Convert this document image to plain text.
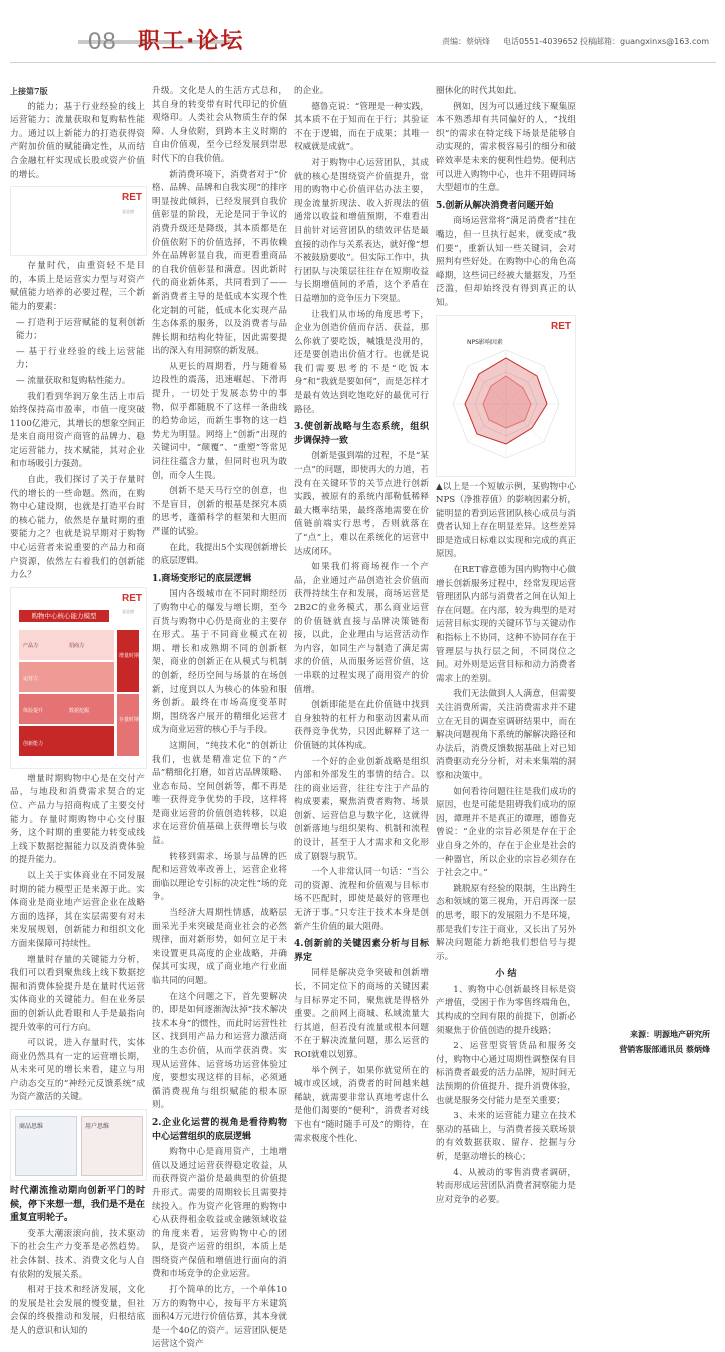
08 职工·论坛	责编：蔡炳烽 电话0551-4039652 投稿邮箱：guangxinxs@163.com

上接第7版

的能力；基于行业经验的线上运营能力；流量获取和复购粘性能力。通过以上新能力的打造获得资产附加价值的赋能确定性，从而结合金融杠杆实现成长股或资产价值的增长。

RET
睿意德

存量时代，由重资轻不是目的，本质上是运营实力型与对资产赋值能力培养的必要过程，三个新能力的要素：

— 打造利于运营赋能的复利创新能力；

— 基于行业经验的线上运营能力；

— 流量获取和复购粘性能力。

我们看到华润万象生活上市后始终保持高市盈率，市值一度突破1100亿港元，其增长的想象空间正是来自商用资产商管的品牌力、稳定运营能力，技术赋能，其对企业和市场吸引力强劲。

自此，我们探讨了关于存量时代的增长的一些命题。然而，在购物中心建设期，也就是打造平台时的核心能力，依然是存量时期的重要能力之？也就是说早期对于购物中心运营者来说重要的产品力和商户资源，依然左右着我们的创新能力么？

RET
睿意德
购物中心核心能力模型
增量时期
存量时期
产品力	招商力
运营力
数据挖掘
体验提升
创新能力

增量时期购物中心是在交付产品，与地段和消费需求契合的定位、产品力与招商构成了主要交付能力。存量时期购物中心交付服务，这个时期的重要能力转变成线上线下数据挖掘能力以及消费体验的提升能力。

以上关于实体商业在不同发展时期的能力模型正是来源于此。实体商业是商业地产运营企业在战略方面的选择，其在实层需要有对未来发展规划，创新能力和组织文化方面来保障可持续性。

增量时存量的关键能力分析，我们可以看到聚焦线上线下数据挖掘和消费体验提升是在量时代运营实体商业的关键能力。但在业务层面的创新认此看眼和人手是最指向提升效率的可行方向。

可以说，进入存量时代，实体商业仍然具有一定的运营增长期，从未来可见的增长来看，建立与用户动态交互的“神经元反馈系统”成为资产激活的关键。

商品思维	用户思维

时代潮流推动期向创新平门的时候，停下来想一想，我们是不是在重复宣明轮子。

变革大潮滚滚向前，技术驱动下的社会生产力变革是必然趋势。社会体制、技术、消费文化与人自有依附的发展关系。

相对于技术和经济发展，文化的发展是社会发展的慢变量，但社会保的终极推动和发展，归根结底是人的意识和认知的

升级。文化是人的生活方式总和，其自身的转变带有时代印记的价值观烙印。人类社会从物质生存的保障、人身依附，到跨本主义时期的自由价值观，至今已经发展到崇思时代下的自我价值。

新消费环境下，消费者对于“价格、品牌、品牌和自我实现”的排序明显按此倾斜，已经发展到自我价值彰显的阶段，无论是同于争议的消费升级还是降级，其本质都是在价值依附下的价值选择，不再依赖外在品牌彰显自我，而更看重商品的自我价值彰显和满意。因此新时代的商业新体系，共同看到了——新消费者主导的是低成本实现个性化定制的可能，低成本化实现产品生态体系的服务，以及消费者与品牌长期和结构化特征，因此需要提出的深入有用洞察的新发展。

从更长的周期看，丹与随着易边段性的震荡，迅速崛起、下滑再提升，一切处于发展态势中的事物，似乎都随脱不了这样一条曲线的趋势命运，而新生事物的这一趋势尤为明显。网络上“创新”出现的关键词中，“颠覆”、“重塑”等常见词往往蕴含力量，但同时也巩为敢创，而令人生畏。

创新不是天马行空的创意，也不是盲目，创新的根基是探究本质的思考，蓬循科学的框架和大胆而严谨的试验。

在此，我提出5个实现创新增长的底层逻辑。

1.商场变形记的底层逻辑

国内各级城市在不同时期经历了购物中心的爆发与增长期，至今百货与购物中心仍是商业的主要存在形式。基于不同商业模式在初期、增长和成熟期不同的创新框架，商业的创新正在从模式与机制的创新，经历空间与场景的在场创新，过度到以人为核心的体验和服务创新。最终在市场高度变革时期，围绕客户展开的精细化运营才成为商业运营的核心手与手段。

这期间，“纯技术化”的创新让我们，也就是精准定位下的“产品”精细化打磨，如首店品牌策略、业态布局、空间创新等，都不再是唯一获得竞争优势的手段，这样将是商业运营的价值创造转移，以追求在运营价值基础上获得增长与收益。

转移到需求、场景与品牌的匹配和运营效率改善上，运营企业将面临以理论专引标的决定性“场的竞争。

当经济大周期性情感，战略层面采光手来突破是商业社会的必然规律，面对新形势，如何立足于未来设置更具高度的企业战略，并确保其可实现，成了商业地产行业面临共同的问题。

在这个问题之下，首先要解决的，即是如何逐渐淘汰掉“技术解决技术本身”的惯性，而此时运营性社区、找到用产品力和运营力激活商业的生态价值，从而学获消费。实现从运营体、运营场功运营体验过度，要想实现这样的目标，必须通循消费视角与组织赋能的根本原则。

2.企业化运营的视角是看待购物中心运营组织的底层逻辑

购物中心是商用资产，土地增值以及通过运营获得稳定收益，从而获得资产溢价是最典型的价值提升形式。需要的周期较长且需要持续投入。作为资产化管理的购物中心从获得租金收益或金融领域收益的角度来看，运营购物中心的团队，是资产运营的组织，本质上是围绕资产保值和增值进行面向的消费和市场竞争的企业运营。

打个简单的比方，一个单体10万方的购物中心，按每平方米建筑面积4万元进行价值估算，其本身就是一个40亿的资产。运营团队便是运营这个资产

的企业。

德鲁克说：“管理是一种实践，其本质不在于知而在于行；其验证不在于逻辑，而在于成果；其唯一权威就是成就”。

对于购物中心运营团队，其成就的核心是围绕资产价值提升，常用的购物中心价值评估办法主要，现金流量折现法、收入折现法的值通常以收益和增值预期，不难看出目前针对运营团队的绩效评估是最直接的动作与关系表达，就好像“想不被鼓励要收”。但实际工作中，执行团队与决策层往往存在短期收益与长期增值间的矛盾，这个矛盾在日益增加的竞争压力下突显。

让我们从市场的角度思考下，企业为创造价值而存活、获益，那么你就了要吃饭，喊饿是没用的，还是要创造出价值才行。也就是说我们需要思考的不是“吃饭本身”和“我就是要如何”，而是怎样才是最有效达到吃饱吃好的最优可行路径。

3.使创新战略与生态系统，组织步调保持一致

创新是强到端的过程，不是“某一点”的问题，即使再大的力道，若没有在关键环节的关节点进行创新实践，被原有的系统内部勒低稀释最大概率结果，最终落地需要在价值链前端实行思考，否则就落在了“点”上，难以在系统化的运营中达成闭环。

如果我们将商场视作一个产品，企业通过产品创造社会价值而获得持续生存和发展，商场运营是2B2C的业务模式，那么商业运营的价值链就直接与品牌决策链衔接，以此，企业理由与运营活动作为内容，如同生产与制造了满足需求的价值，从而服务运营价值，这一串联的过程实现了商用资产的价值增。

创新即能是在此价值链中找到自身独特的杠杆力和驱动因素从而获得竞争优势，只因此解释了这一价值链的其体构成。

一个好的企业创新战略是组织内部和外部发生的事情的结合。以往的商业运营，往往专注于产品的构成要素，聚焦消费者购物、场景创新、运营信息与数字化，这就得创新落地与组织架构、机制和流程的设计，甚至于人才需求和文化形成了剧裂与脱节。

一个人非常认同一句话：“当公司的资源、流程和价值观与目标市场不匹配时，即使是最好的管理也无济于事。”只专注于技术本身是创新产生价值的最大阻碍。

4.创新前的关键因素分析与目标界定

同样是解决竞争突破和创新增长，不同定位下的商场的关键因素与目标界定不同，聚焦就是得格外重要。之前网上商城、私域流量大行其道，但若没有流量或根本问题不在于解决流量问题，那么运营的ROI就难以划算。

举个例子，如果你就觉所在的城市或区域，消费者的时间越来越稀缺，就需要非常认真地考虑什么是他们渴要的“便利”，消费者对线下也有“随时随手可及”的期待，在需求极度个性化、

圈休化的时代其如此。

例如，因为可以通过线下聚集原本不熟悉却有共同偏好的人，“找组织”的需求在特定线下场景是能够自动实现的，需求极容易引的细分和破碎效率是未来的便利性趋势。便利店可以进入购物中心，也并不阻碍同场大型超市的生意。

5.创新从解决消费者问题开始

商场运营常将“满足消费者”挂在嘴边，但一旦执行起来，就变成“我们要”，重新认知一些关键词，会对照判有些好处。在购物中心的角色高峰期，这些词已经被大量据发，乃至泛滥，但却始终没有得到真正的认知。

RET
NPS影响因素

▲以上是一个短敏示例，某购物中心NPS（净推荐值）的影响因素分析，能明显的看到运营团队核心成员与消费者认知上存在明显差异。这些差异即是造成日标难以实现和完成的真正原因。

在RET睿意德为国内购物中心做增长创新服务过程中，经常发现运营管理团队内部与消费者之间在认知上存在问题。在内部，较为典型的是对运营目标实现的关键环节与关键动作和指标上不协同，这种不协同存在于管理层与执行层之间，不同岗位之间。对外则是运营目标和动力消费者需求上的差别。

我们无法做到人人满意，但需要关注消费所需，关注消费需求并不建立在无目的调查室调研结果中，而在解决问题视角下系统的解解决路径和办法后，消费反馈数据基础上对已知消费驱动充分分析，对未来集端的洞察和决策中。

如何看待问题往往是我们成功的原因，也是可能是阻碍我们成功的原因，谭理并不是真正的谭理，德鲁克曾说：“企业的宗旨必须是存在于企业自身之外的，存在于企业是社会的一种器官，所以企业的宗旨必须存在于社会之中。”

跳脱原有经验的限制，生出跨生态和领域的第三视角，开启再深一层的思考，眼下的发展阻力不是环境，那是我们专注于商业，又长出了另外解决问题能力新绝我们想信号与提示。

小 结

1、购物中心创新最终目标是资产增值，受困于作为零售终端角色，其构成的空间有限的前提下，创新必须聚焦于价值创造的提升线路；

2、运营型资管货品和服务交付，购物中心通过周期性调整保有目标消费者最爱的活力品牌，短时间无法预期的价值提升、提升消费体验，也就是服务交付能力是至关重要；

3、未来的运营能力建立在技术驱动的基础上，与消费者接关联场景的有效数据获取、留存、挖掘与分析，是驱动增长的核心；

4、从被动的零售消费者调研，转而形成运营团队消费者洞察能力是应对竞争的必要。

来源：明源地产研究所
营销客服部通讯员 蔡炳烽
